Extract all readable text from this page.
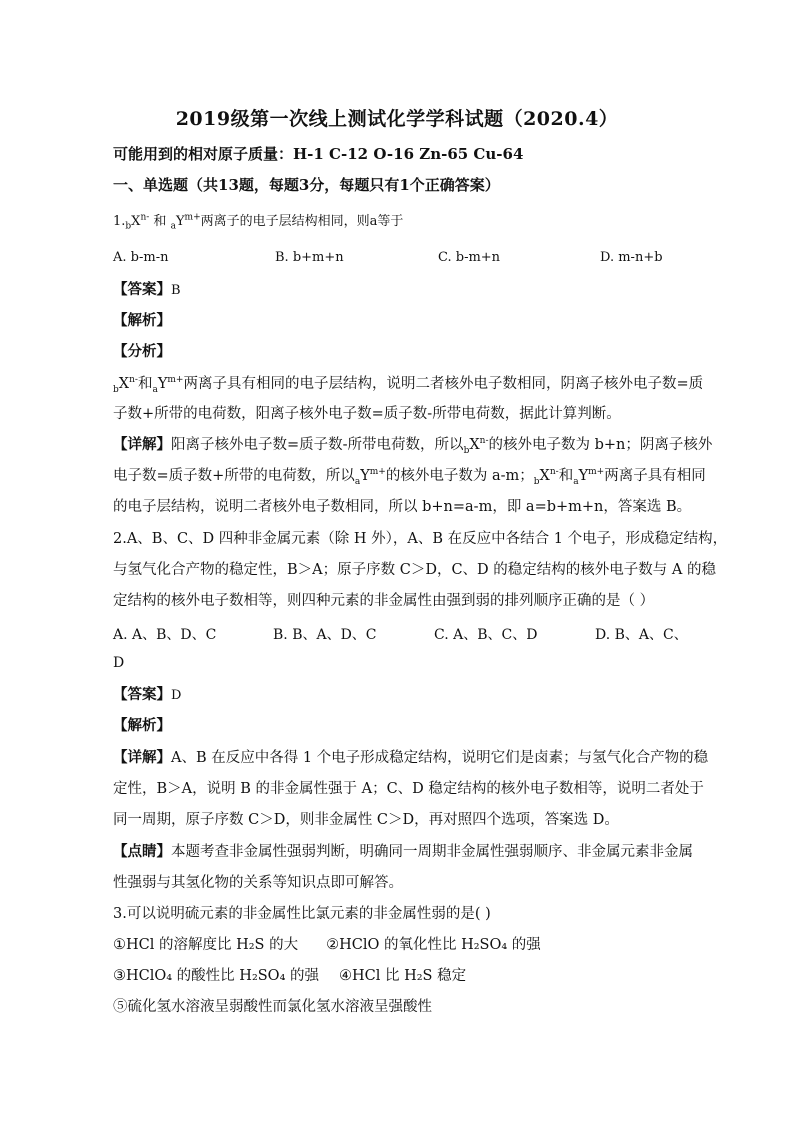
2019级第一次线上测试化学学科试题（2020.4）
可能用到的相对原子质量：H-1 C-12 O-16 Zn-65 Cu-64
一、单选题（共13题，每题3分，每题只有1个正确答案）
$1._bX^{n-}$ 和 $_aY^{m+}$两离子的电子层结构相同，则a等于
A. b-m-n	B. b+m+n	C. b-m+n	D. m-n+b
【答案】B
【解析】
【分析】
$_bX^{n-}$和$_aY^{m+}$两离子具有相同的电子层结构，说明二者核外电子数相同，阴离子核外电子数=质
子数+所带的电荷数，阳离子核外电子数=质子数-所带电荷数，据此计算判断。
【详解】阳离子核外电子数=质子数-所带电荷数，所以$_bX^{n-}$的核外电子数为 b+n；阴离子核外
电子数=质子数+所带的电荷数，所以$_aY^{m+}$的核外电子数为 a-m；$_bX^{n-}$和$_aY^{m+}$两离子具有相同
的电子层结构，说明二者核外电子数相同，所以 b+n=a-m，即 a=b+m+n，答案选 B。
2.A、B、C、D 四种非金属元素（除 H 外），A、B 在反应中各结合 1 个电子，形成稳定结构，
与氢气化合产物的稳定性，B＞A；原子序数 C＞D，C、D 的稳定结构的核外电子数与 A 的稳
定结构的核外电子数相等，则四种元素的非金属性由强到弱的排列顺序正确的是（ ）
A. A、B、D、C	B. B、A、D、C	C. A、B、C、D	D. B、A、C、
D
【答案】D
【解析】
【详解】A、B 在反应中各得 1 个电子形成稳定结构，说明它们是卤素；与氢气化合产物的稳
定性，B＞A，说明 B 的非金属性强于 A；C、D 稳定结构的核外电子数相等，说明二者处于
同一周期，原子序数 C＞D，则非金属性 C＞D，再对照四个选项，答案选 D。
【点睛】本题考查非金属性强弱判断，明确同一周期非金属性强弱顺序、非金属元素非金属
性强弱与其氢化物的关系等知识点即可解答。
3.可以说明硫元素的非金属性比氯元素的非金属性弱的是( )
①HCl 的溶解度比 H₂S 的大 ②HClO 的氧化性比 H₂SO₄ 的强
③HClO₄ 的酸性比 H₂SO₄ 的强 ④HCl 比 H₂S 稳定
⑤硫化氢水溶液呈弱酸性而氯化氢水溶液呈强酸性
